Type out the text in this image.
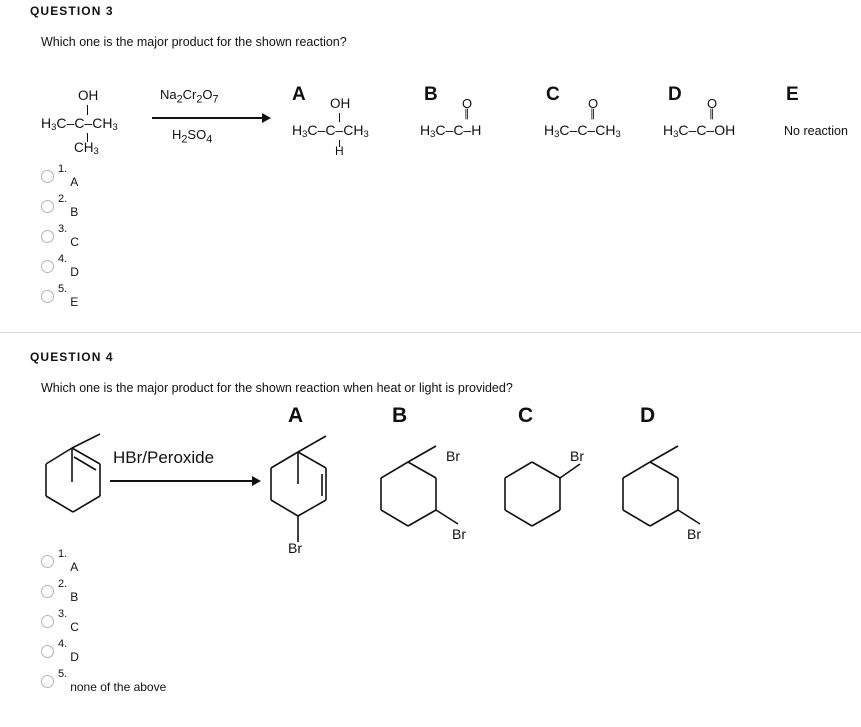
QUESTION 3
Which one is the major product for the shown reaction?
OH
$H_3C-C-CH_3$
$CH_3$
$Na_2Cr_2O_7$
$H_2SO_4$
A OH
$H_3C-C-CH_3$
H
B O
∥
$H_3C-C-H$
C O
∥
$H_3C-C-CH_3$
D O
∥
$H_3C-C-OH$
E
No reaction
1.
A
2.
B
3.
C
4.
D
5.
E
QUESTION 4
Which one is the major product for the shown reaction when heat or light is provided?
HBr/Peroxide
A
Br
B
Br
Br
C
Br
D
Br
1.
A
2.
B
3.
C
4.
D
5.
none of the above
